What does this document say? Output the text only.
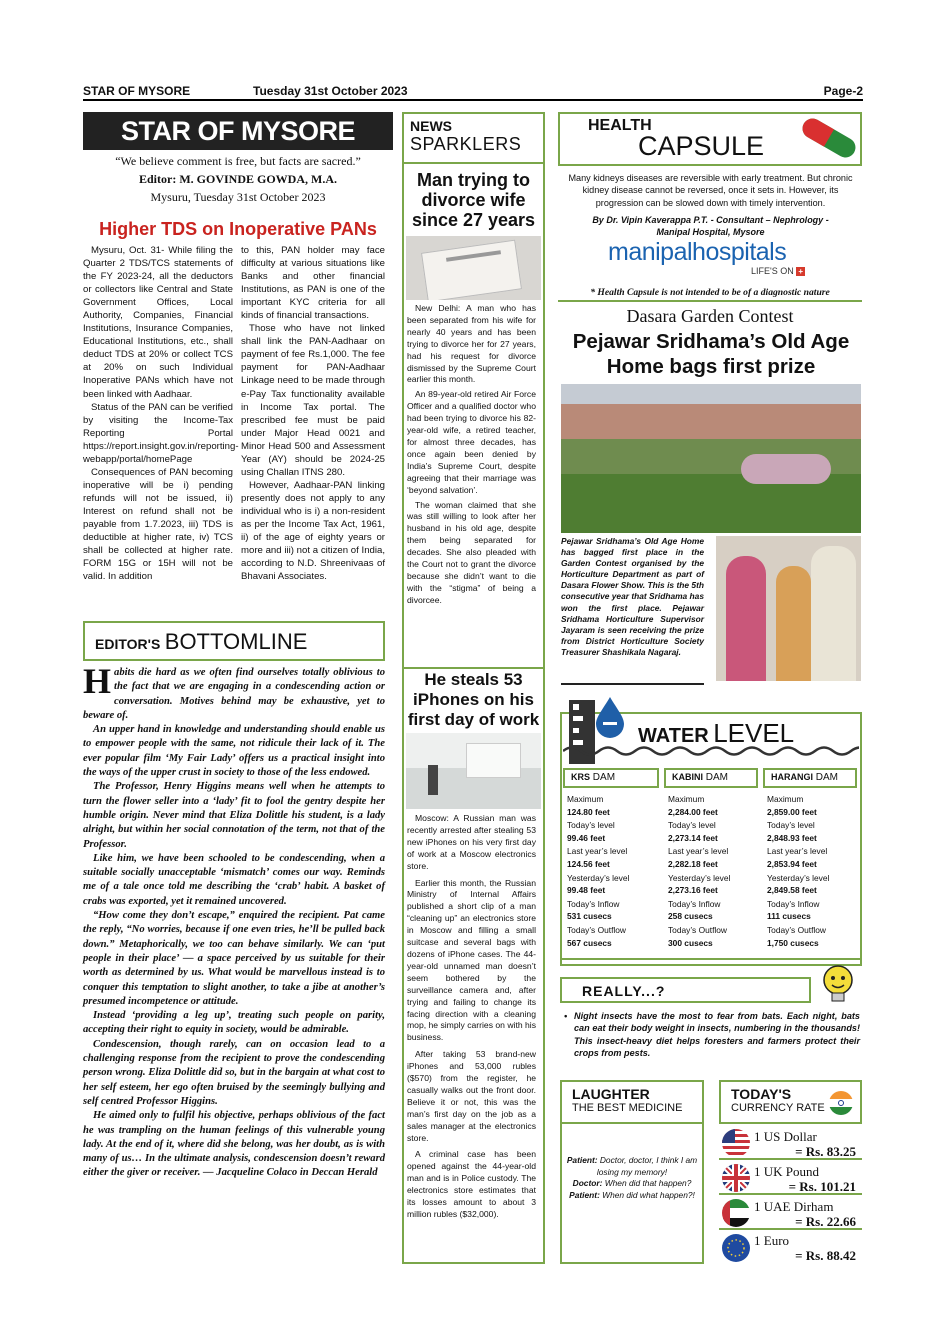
STAR OF MYSORE	Tuesday 31st October 2023	Page-2
STAR OF MYSORE
“We believe comment is free, but facts are sacred.”
Editor: M. GOVINDE GOWDA, M.A.
Mysuru, Tuesday 31st October 2023
Higher TDS on Inoperative PANs

Mysuru, Oct. 31- While filing the Quarter 2 TDS/TCS statements of the FY 2023-24, all the deductors or collectors like Central and State Government Offices, Local Authority, Companies, Financial Institutions, Insurance Companies, Educational Institutions, etc., shall deduct TDS at 20% or collect TCS at 20% on such Individual Inoperative PANs which have not been linked with Aadhaar.

Status of the PAN can be verified by visiting the Income-Tax Reporting Portal https://report.insight.gov.in/reporting-webapp/portal/homePage

Consequences of PAN becoming inoperative will be i) pending refunds will not be issued, ii) Interest on refund shall not be payable from 1.7.2023, iii) TDS is deductible at higher rate, iv) TCS shall be collected at higher rate. FORM 15G or 15H will not be valid. In addition

to this, PAN holder may face difficulty at various situations like Banks and other financial Institutions, as PAN is one of the important KYC criteria for all kinds of financial transactions.

Those who have not linked shall link the PAN-Aadhaar on payment of fee Rs.1,000. The fee payment for PAN-Aadhaar Linkage need to be made through e-Pay Tax functionality available in Income Tax portal. The prescribed fee must be paid under Major Head 0021 and Minor Head 500 and Assessment Year (AY) should be 2024-25 using Challan ITNS 280.

However, Aadhaar-PAN linking presently does not apply to any individual who is i) a non-resident as per the Income Tax Act, 1961, ii) of the age of eighty years or more and iii) not a citizen of India, according to N.D. Shreenivaas of Bhavani Associates.

EDITOR'S BOTTOMLINE

Habits die hard as we often find ourselves totally oblivious to the fact that we are engaging in a condescending action or conversation. Motives behind may be exhaustive, yet to beware of.

An upper hand in knowledge and understanding should enable us to empower people with the same, not ridicule their lack of it. The ever popular film ‘My Fair Lady’ offers us a practical insight into the ways of the upper crust in society to those of the less endowed.

The Professor, Henry Higgins means well when he attempts to turn the flower seller into a ‘lady’ fit to fool the gentry despite her humble origin. Never mind that Eliza Dolittle his student, is a lady alright, but within her social connotation of the term, not that of the Professor.

Like him, we have been schooled to be condescending, when a suitable socially unacceptable ‘mismatch’ comes our way. Reminds me of a tale once told me describing the ‘crab’ habit. A basket of crabs was exported, yet it remained uncovered.

“How come they don’t escape,” enquired the recipient. Pat came the reply, “No worries, because if one even tries, he’ll be pulled back down.” Metaphorically, we too can behave similarly. We can ‘put people in their place’ — a space perceived by us suitable for their worth as determined by us. What would be marvellous instead is to conquer this temptation to slight another, to take a jibe at another’s presumed incompetence or attitude.

Instead ‘providing a leg up’, treating such people on parity, accepting their right to equity in society, would be admirable.

Condescension, though rarely, can on occasion lead to a challenging response from the recipient to prove the condescending person wrong. Eliza Dolittle did so, but in the bargain at what cost to her self esteem, her ego often bruised by the seemingly bullying and self centred Professor Higgins.

He aimed only to fulfil his objective, perhaps oblivious of the fact he was trampling on the human feelings of this vulnerable young lady. At the end of it, where did she belong, was her doubt, as is with many of us… In the ultimate analysis, condescension doesn’t reward either the giver or receiver. — Jacqueline Colaco in Deccan Herald

NEWS
SPARKLERS
Man trying to divorce wife since 27 years

New Delhi: A man who has been separated from his wife for nearly 40 years and has been trying to divorce her for 27 years, had his request for divorce dismissed by the Supreme Court earlier this month.

An 89-year-old retired Air Force Officer and a qualified doctor who had been trying to divorce his 82-year-old wife, a retired teacher, for almost three decades, has once again been denied by India’s Supreme Court, despite agreeing that their marriage was ‘beyond salvation’.

The woman claimed that she was still willing to look after her husband in his old age, despite them being separated for decades. She also pleaded with the Court not to grant the divorce because she didn’t want to die with the “stigma” of being a divorcee.

He steals 53 iPhones on his first day of work

Moscow: A Russian man was recently arrested after stealing 53 new iPhones on his very first day of work at a Moscow electronics store.

Earlier this month, the Russian Ministry of Internal Affairs published a short clip of a man “cleaning up” an electronics store in Moscow and filling a small suitcase and several bags with dozens of iPhone cases. The 44-year-old unnamed man doesn’t seem bothered by the surveillance camera and, after trying and failing to change its facing direction with a cleaning mop, he simply carries on with his business.

After taking 53 brand-new iPhones and 53,000 rubles ($570) from the register, he casually walks out the front door. Believe it or not, this was the man’s first day on the job as a sales manager at the electronics store.

A criminal case has been opened against the 44-year-old man and is in Police custody. The electronics store estimates that its losses amount to about 3 million rubles ($32,000).

HEALTH
CAPSULE
Many kidneys diseases are reversible with early treatment. But chronic kidney disease cannot be reversed, once it sets in. However, its progression can be slowed down with timely intervention.
By Dr. Vipin Kaverappa P.T. - Consultant – Nephrology - Manipal Hospital, Mysore
manipalhospitals
LIFE'S ON +
* Health Capsule is not intended to be of a diagnostic nature
Dasara Garden Contest
Pejawar Sridhama’s Old Age Home bags first prize
Pejawar Sridhama’s Old Age Home has bagged first place in the Garden Contest organised by the Horticulture Department as part of Dasara Flower Show. This is the 5th consecutive year that Sridhama has won the first place. Pejawar Sridhama Horticulture Supervisor Jayaram is seen receiving the prize from District Horticulture Society Treasurer Shashikala Nagaraj.
WATER LEVEL
KRS DAM
Maximum
124.80 feet
Today’s level
99.46 feet
Last year’s level
124.56 feet
Yesterday’s level
99.48 feet
Today’s Inflow
531 cusecs
Today’s Outflow
567 cusecs
KABINI DAM
Maximum
2,284.00 feet
Today’s level
2,273.14 feet
Last year’s level
2,282.18 feet
Yesterday’s level
2,273.16 feet
Today’s Inflow
258 cusecs
Today’s Outflow
300 cusecs
HARANGI DAM
Maximum
2,859.00 feet
Today’s level
2,848.93 feet
Last year’s level
2,853.94 feet
Yesterday’s level
2,849.58 feet
Today’s Inflow
111 cusecs
Today’s Outflow
1,750 cusecs
REALLY...?
• Night insects have the most to fear from bats. Each night, bats can eat their body weight in insects, numbering in the thousands! This insect-heavy diet helps foresters and farmers protect their crops from pests.
LAUGHTER
THE BEST MEDICINE
Patient: Doctor, doctor, I think I am losing my memory!
Doctor: When did that happen?
Patient: When did what happen?!
TODAY'S
CURRENCY RATE
1 US Dollar
= Rs. 83.25
1 UK Pound
= Rs. 101.21
1 UAE Dirham
= Rs. 22.66
1 Euro
= Rs. 88.42
